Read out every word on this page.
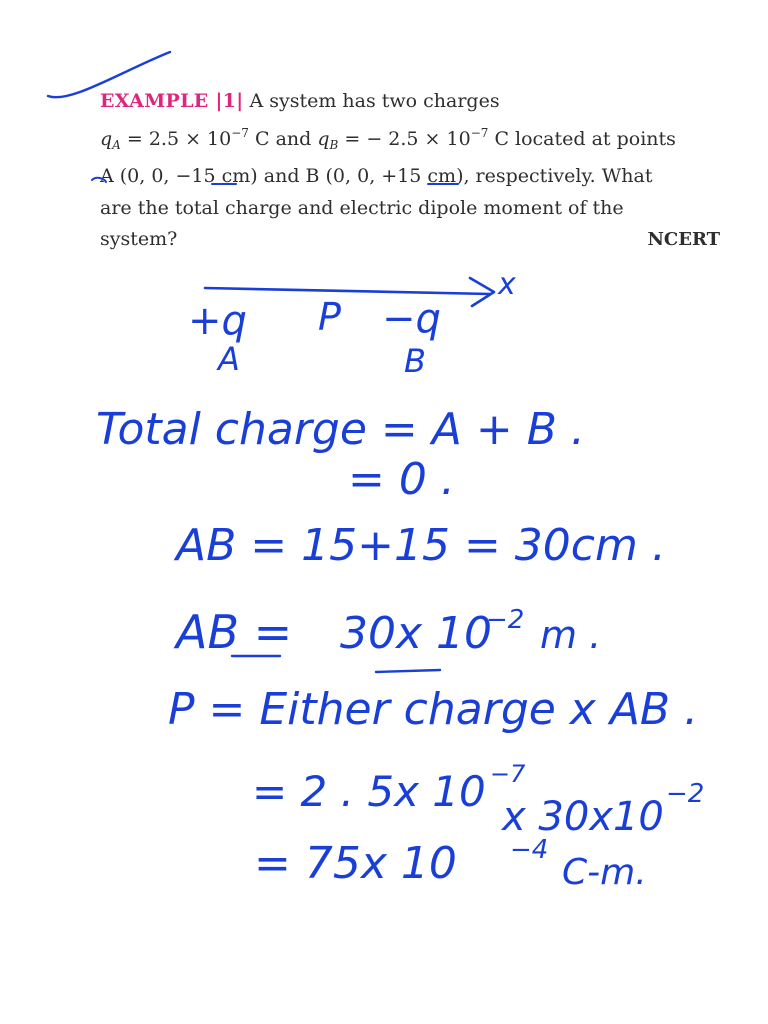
EXAMPLE |1| A system has two charges
$q_A = 2.5 \times 10^{-7}$ C and $q_B$ = − $2.5 \times 10^{-7}$ C located at points
A (0, 0, −15 cm) and B (0, 0, +15 cm), respectively. What
are the total charge and electric dipole moment of the
system?	NCERT
x
+q P −q
A	B
Total charge = A + B .
= 0 .
AB = 15+15 = 30cm .
AB = 30x 10
−2 m .
P = Either charge x AB .
= 2 . 5x 10 −7
x 30x10 −2
= 75x 10 −4
C-m.
